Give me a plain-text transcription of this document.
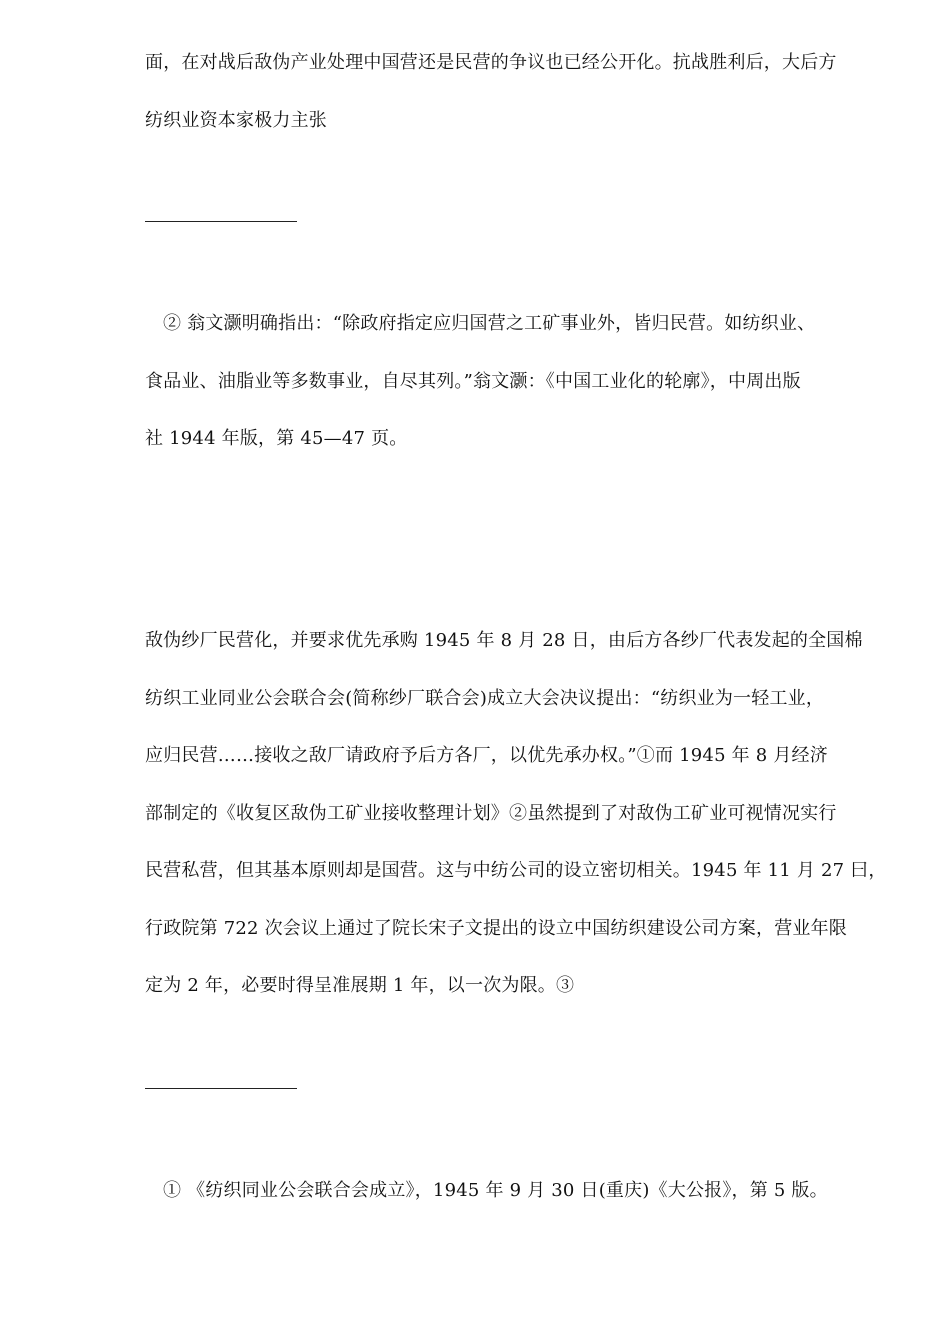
面，在对战后敌伪产业处理中国营还是民营的争议也已经公开化。抗战胜利后，大后方
纺织业资本家极力主张
② 翁文灏明确指出：“除政府指定应归国营之工矿事业外，皆归民营。如纺织业、
食品业、油脂业等多数事业，自尽其列。”翁文灏：《中国工业化的轮廓》，中周出版
社 1944 年版，第 45—47 页。
敌伪纱厂民营化，并要求优先承购 1945 年 8 月 28 日，由后方各纱厂代表发起的全国棉
纺织工业同业公会联合会(简称纱厂联合会)成立大会决议提出：“纺织业为一轻工业，
应归民营……接收之敌厂请政府予后方各厂，以优先承办权。”①而 1945 年 8 月经济
部制定的《收复区敌伪工矿业接收整理计划》②虽然提到了对敌伪工矿业可视情况实行
民营私营，但其基本原则却是国营。这与中纺公司的设立密切相关。1945 年 11 月 27 曰，
行政院第 722 次会议上通过了院长宋子文提出的设立中国纺织建设公司方案，营业年限
定为 2 年，必要时得呈准展期 1 年，以一次为限。③
① 《纺织同业公会联合会成立》，1945 年 9 月 30 日(重庆)《大公报》，第 5 版。
